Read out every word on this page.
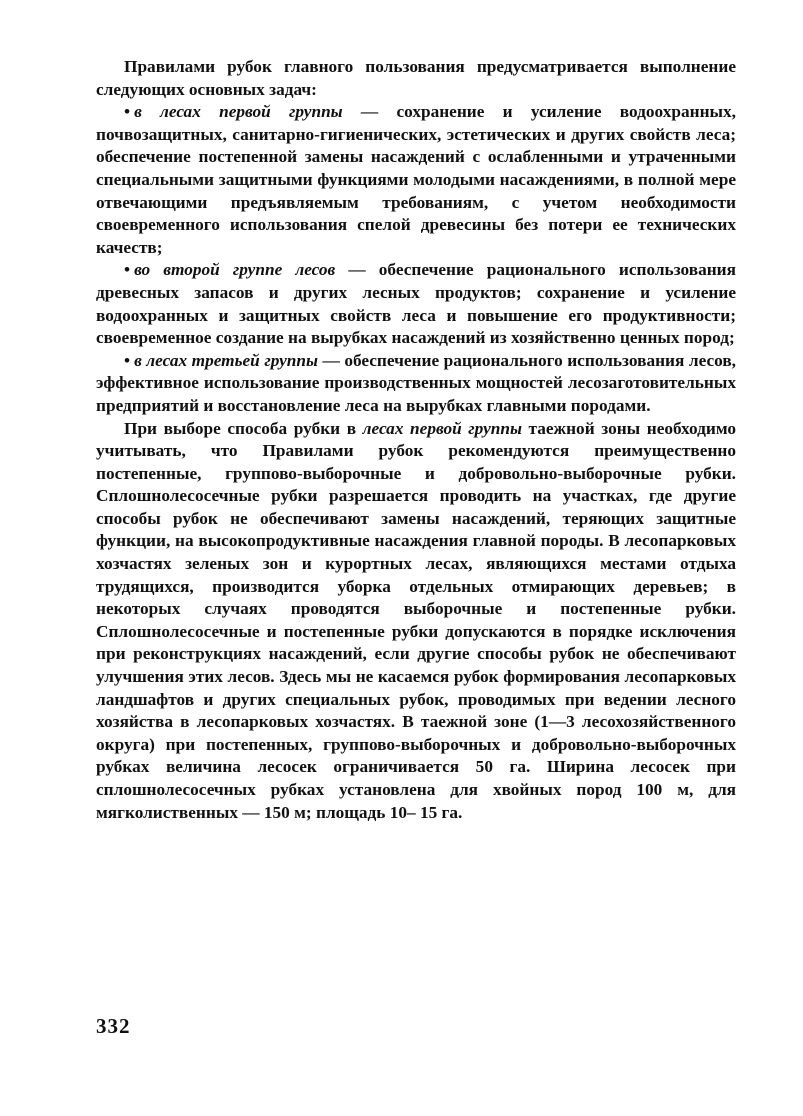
Правилами рубок главного пользования предусматривается выполнение следующих основных задач:

• в лесах первой группы — сохранение и усиление водоохранных, почвозащитных, санитарно-гигиенических, эстетических и других свойств леса; обеспечение постепенной замены насаждений с ослабленными и утраченными специальными защитными функциями молодыми насаждениями, в полной мере отвечающими предъявляемым требованиям, с учетом необходимости своевременного использования спелой древесины без потери ее технических качеств;

• во второй группе лесов — обеспечение рационального использования древесных запасов и других лесных продуктов; сохранение и усиление водоохранных и защитных свойств леса и повышение его продуктивности; своевременное создание на вырубках насаждений из хозяйственно ценных пород;

• в лесах третьей группы — обеспечение рационального использования лесов, эффективное использование производственных мощностей лесозаготовительных предприятий и восстановление леса на вырубках главными породами.

При выборе способа рубки в лесах первой группы таежной зоны необходимо учитывать, что Правилами рубок рекомендуются преимущественно постепенные, группово-выборочные и добровольно-выборочные рубки. Сплошнолесосечные рубки разрешается проводить на участках, где другие способы рубок не обеспечивают замены насаждений, теряющих защитные функции, на высокопродуктивные насаждения главной породы. В лесопарковых хозчастях зеленых зон и курортных лесах, являющихся местами отдыха трудящихся, производится уборка отдельных отмирающих деревьев; в некоторых случаях проводятся выборочные и постепенные рубки. Сплошнолесосечные и постепенные рубки допускаются в порядке исключения при реконструкциях насаждений, если другие способы рубок не обеспечивают улучшения этих лесов. Здесь мы не касаемся рубок формирования лесопарковых ландшафтов и других специальных рубок, проводимых при ведении лесного хозяйства в лесопарковых хозчастях. В таежной зоне (1—3 лесохозяйственного округа) при постепенных, группово-выборочных и добровольно-выборочных рубках величина лесосек ограничивается 50 га. Ширина лесосек при сплошнолесосечных рубках установлена для хвойных пород 100 м, для мягколиственных — 150 м; площадь 10– 15 га.

332
